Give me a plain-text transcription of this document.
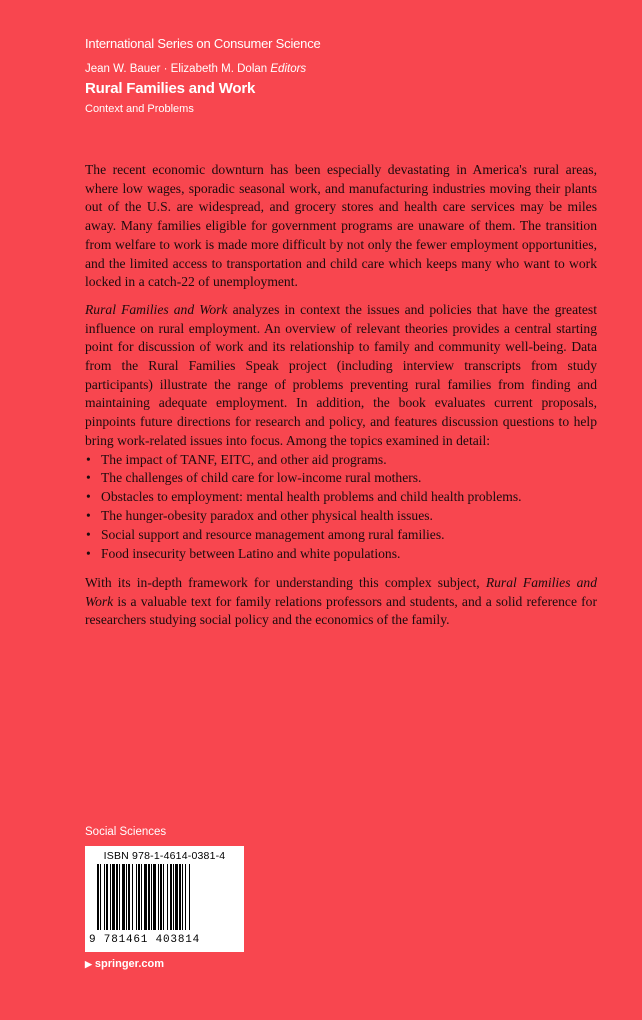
International Series on Consumer Science
Jean W. Bauer · Elizabeth M. Dolan Editors
Rural Families and Work
Context and Problems

The recent economic downturn has been especially devastating in America's rural areas, where low wages, sporadic seasonal work, and manufacturing industries moving their plants out of the U.S. are widespread, and grocery stores and health care services may be miles away. Many families eligible for government programs are unaware of them. The transition from welfare to work is made more difficult by not only the fewer employment opportunities, and the limited access to transportation and child care which keeps many who want to work locked in a catch-22 of unemployment.

Rural Families and Work analyzes in context the issues and policies that have the greatest influence on rural employment. An overview of relevant theories provides a central starting point for discussion of work and its relationship to family and community well-being. Data from the Rural Families Speak project (including interview transcripts from study participants) illustrate the range of problems preventing rural families from finding and maintaining adequate employment. In addition, the book evaluates current proposals, pinpoints future directions for research and policy, and features discussion questions to help bring work-related issues into focus. Among the topics examined in detail:

• The impact of TANF, EITC, and other aid programs.
• The challenges of child care for low-income rural mothers.
• Obstacles to employment: mental health problems and child health problems.
• The hunger-obesity paradox and other physical health issues.
• Social support and resource management among rural families.
• Food insecurity between Latino and white populations.

With its in-depth framework for understanding this complex subject, Rural Families and Work is a valuable text for family relations professors and students, and a solid reference for researchers studying social policy and the economics of the family.

Social Sciences
ISBN 978-1-4614-0381-4
9 781461 403814
▶ springer.com
